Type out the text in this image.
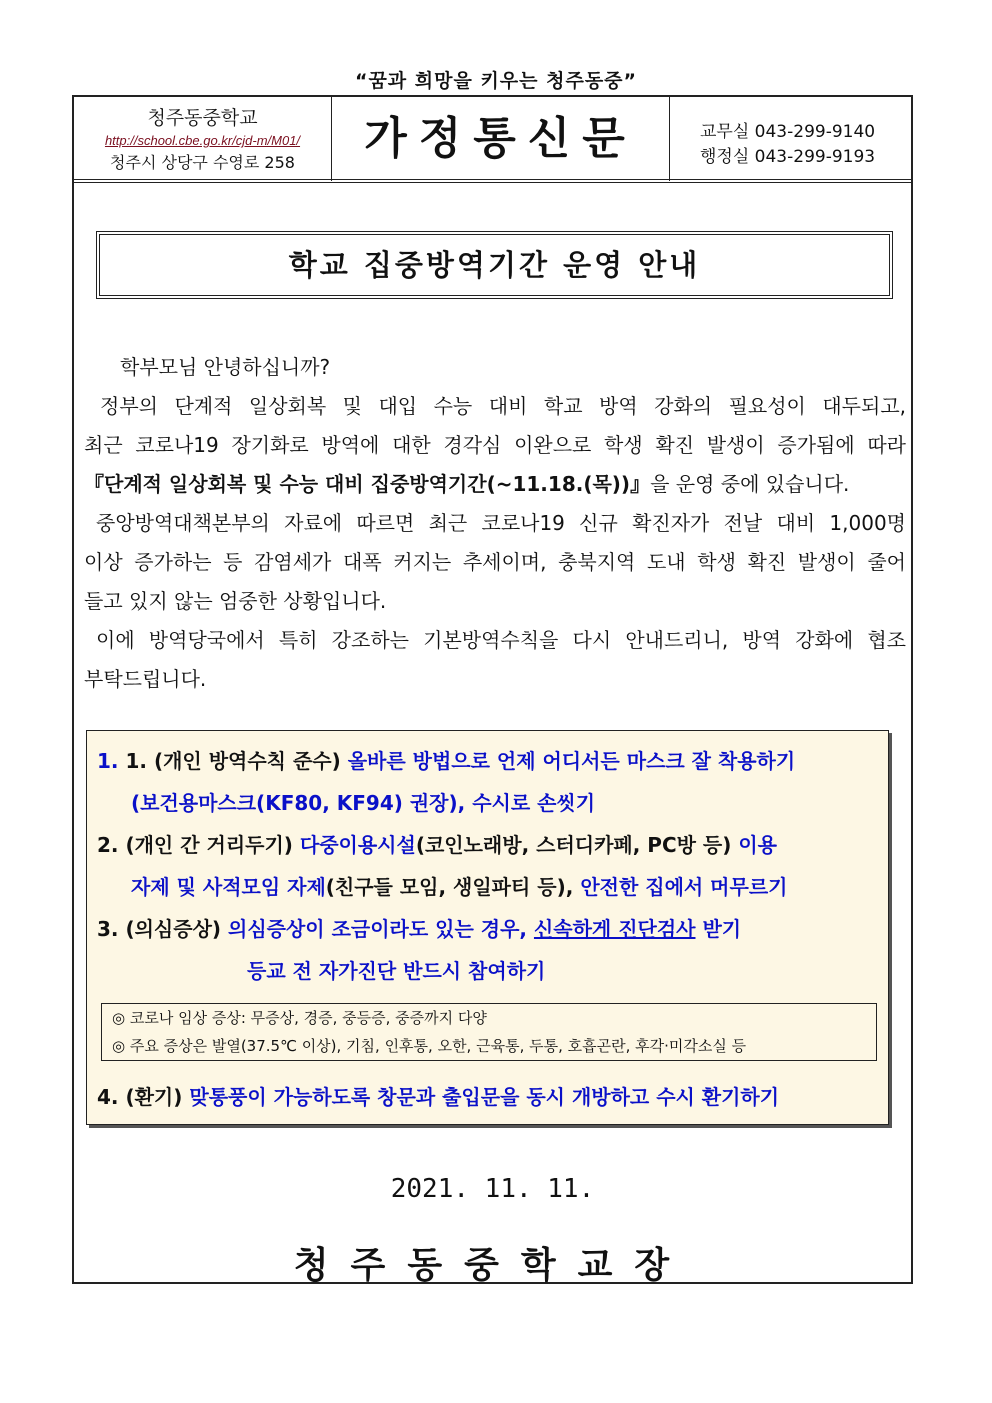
“꿈과 희망을 키우는 청주동중”
청주동중학교
http://school.cbe.go.kr/cjd-m/M01/
청주시 상당구 수영로 258	가정통신문	교무실 043-299-9140
행정실 043-299-9193
학교 집중방역기간 운영 안내
학부모님 안녕하십니까?
정부의 단계적 일상회복 및 대입 수능 대비 학교 방역 강화의 필요성이 대두되고,
최근 코로나19 장기화로 방역에 대한 경각심 이완으로 학생 확진 발생이 증가됨에 따라
『단계적 일상회복 및 수능 대비 집중방역기간(~11.18.(목))』을 운영 중에 있습니다.
중앙방역대책본부의 자료에 따르면 최근 코로나19 신규 확진자가 전날 대비 1,000명
이상 증가하는 등 감염세가 대폭 커지는 추세이며, 충북지역 도내 학생 확진 발생이 줄어
들고 있지 않는 엄중한 상황입니다.
이에 방역당국에서 특히 강조하는 기본방역수칙을 다시 안내드리니, 방역 강화에 협조
부탁드립니다.
1. 1. (개인 방역수칙 준수) 올바른 방법으로 언제 어디서든 마스크 잘 착용하기
(보건용마스크(KF80, KF94) 권장), 수시로 손씻기
2. (개인 간 거리두기) 다중이용시설(코인노래방, 스터디카페, PC방 등) 이용
자제 및 사적모임 자제(친구들 모임, 생일파티 등), 안전한 집에서 머무르기
3. (의심증상) 의심증상이 조금이라도 있는 경우, 신속하게 진단검사 받기
등교 전 자가진단 반드시 참여하기
◎ 코로나 임상 증상: 무증상, 경증, 중등증, 중증까지 다양
◎ 주요 증상은 발열(37.5℃ 이상), 기침, 인후통, 오한, 근육통, 두통, 호흡곤란, 후각·미각소실 등
4. (환기) 맞통풍이 가능하도록 창문과 출입문을 동시 개방하고 수시 환기하기
2021. 11. 11.
청주동중학교장
